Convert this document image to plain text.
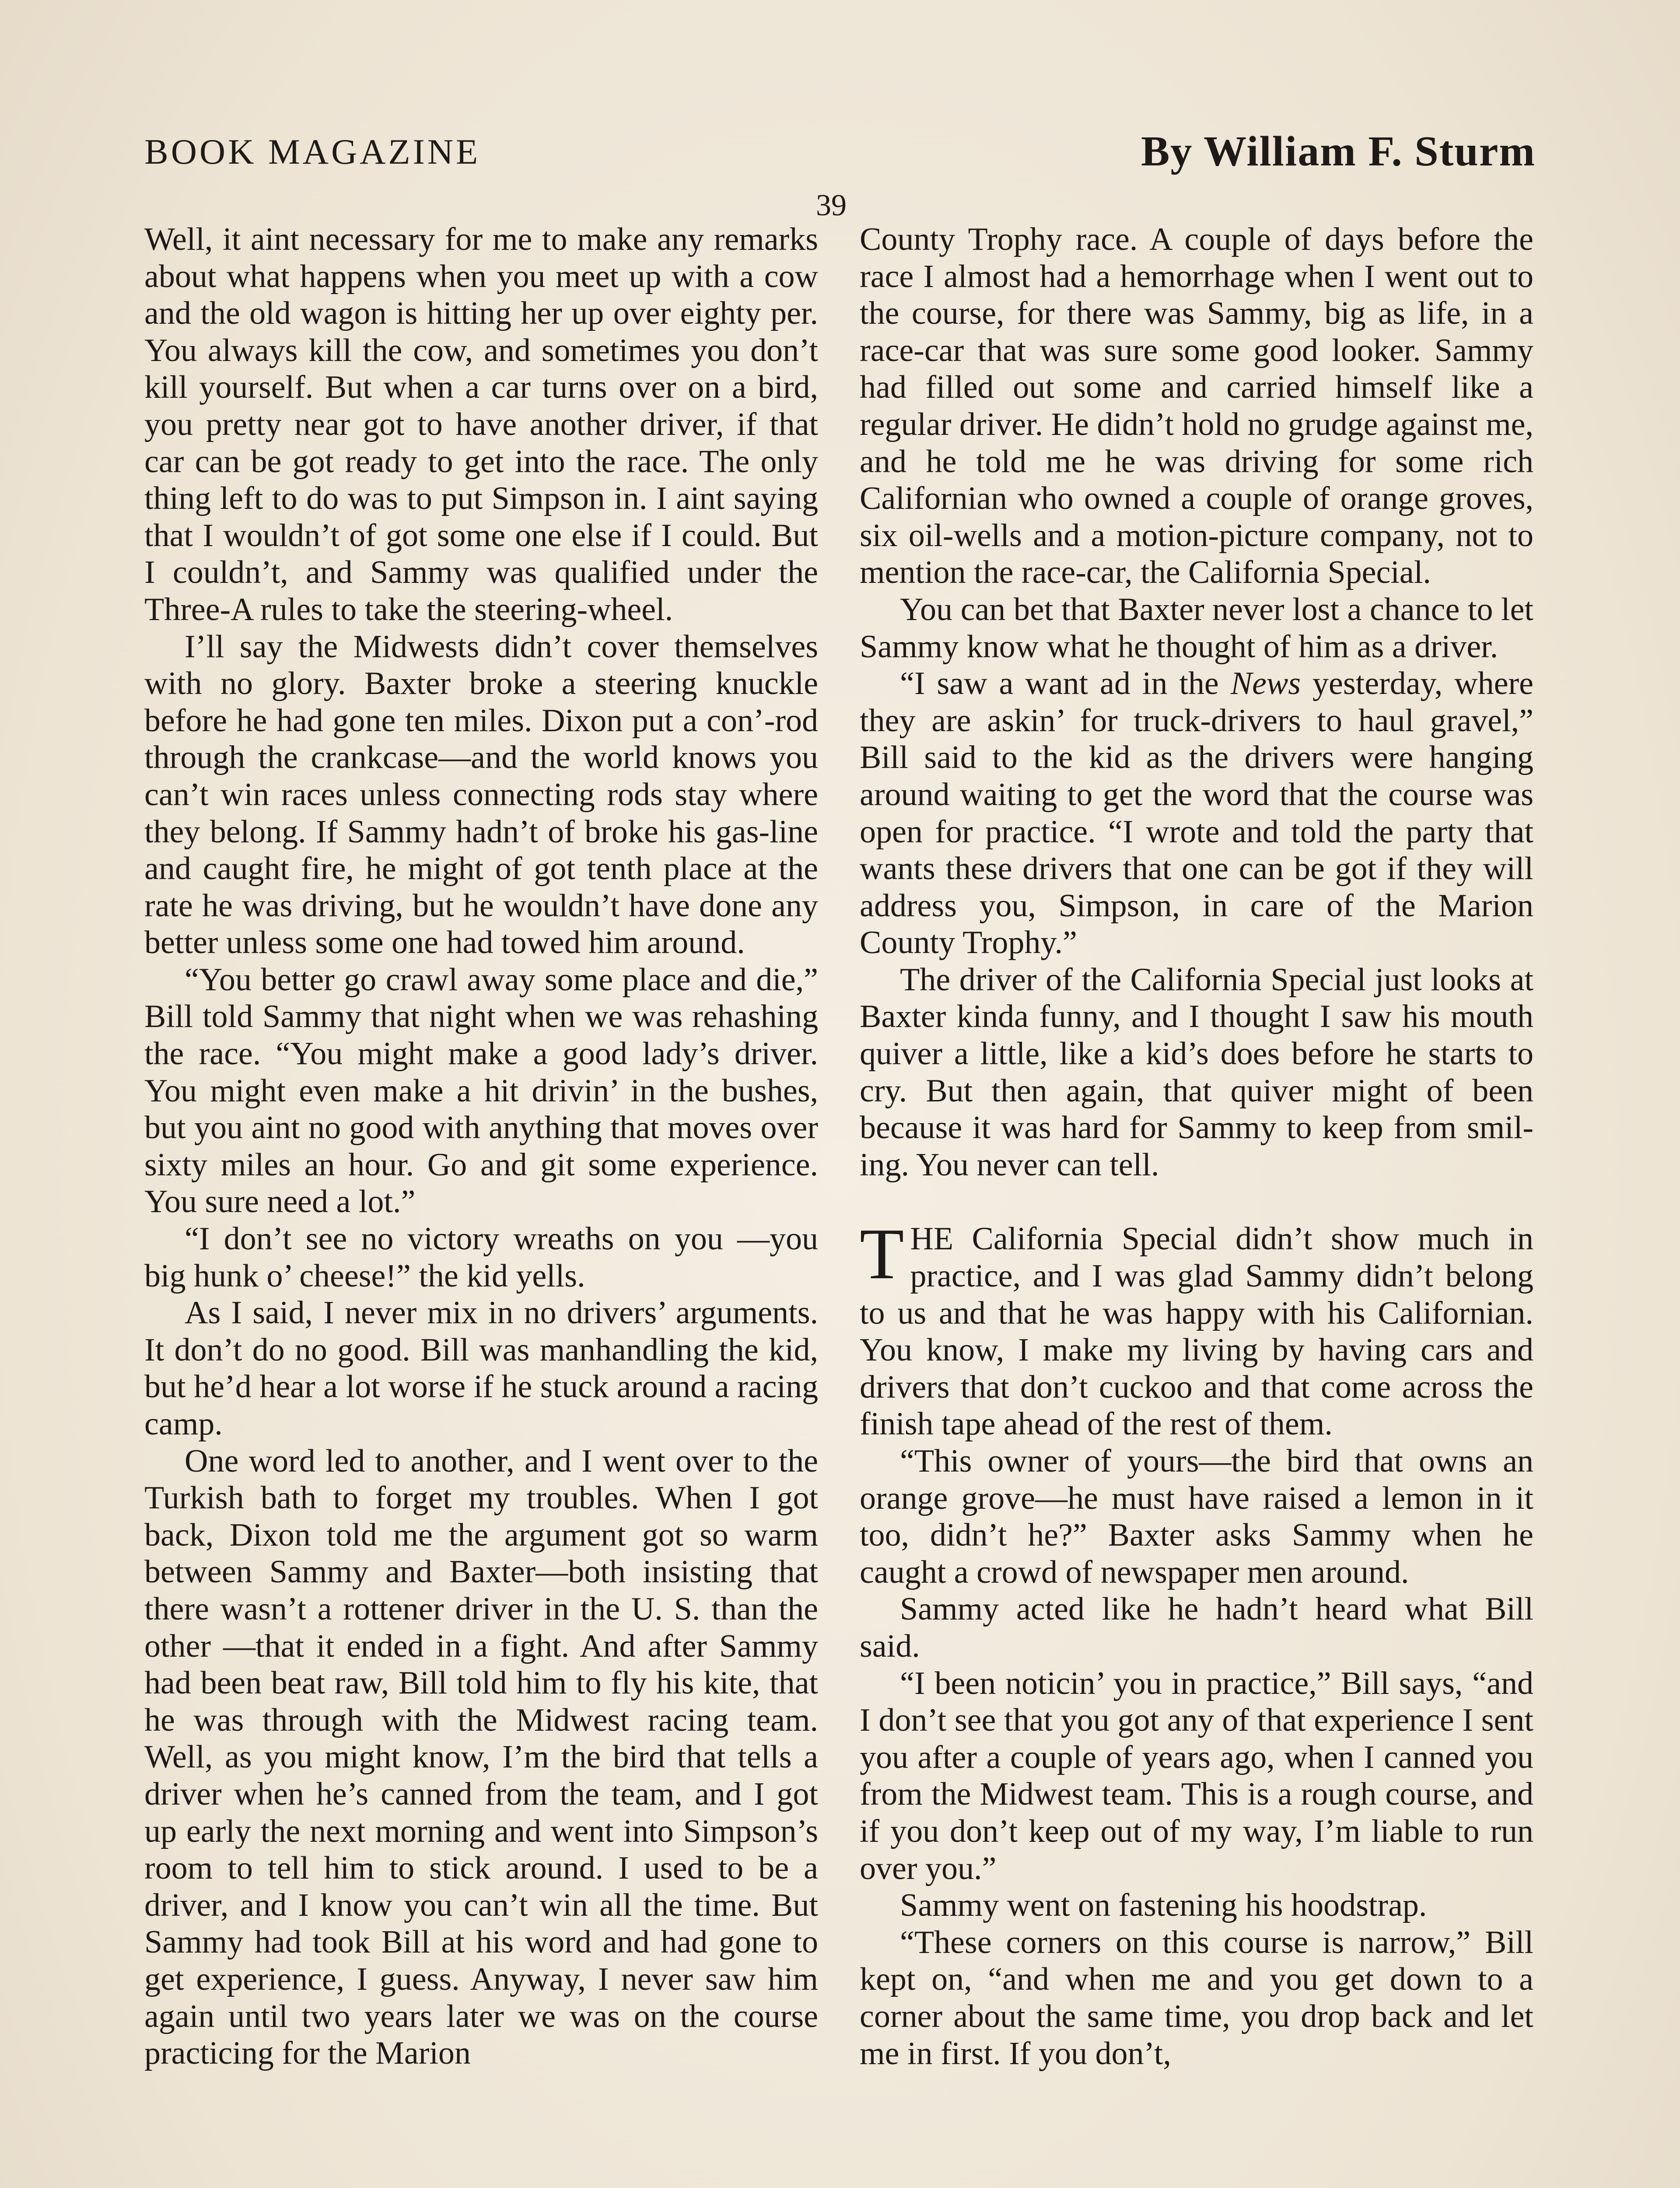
BOOK MAGAZINE	By William F. Sturm
39

Well, it aint necessary for me to make any remarks about what happens when you meet up with a cow and the old wagon is hitting her up over eighty per. You always kill the cow, and sometimes you don’t kill yourself. But when a car turns over on a bird, you pretty near got to have another driver, if that car can be got ready to get into the race. The only thing left to do was to put Simpson in. I aint saying that I wouldn’t of got some one else if I could. But I couldn’t, and Sammy was qualified under the Three-A rules to take the steering-wheel.

I’ll say the Midwests didn’t cover themselves with no glory. Baxter broke a steering knuckle before he had gone ten miles. Dixon put a con’-rod through the crankcase—and the world knows you can’t win races unless connecting rods stay where they belong. If Sammy hadn’t of broke his gas-line and caught fire, he might of got tenth place at the rate he was driving, but he wouldn’t have done any better unless some one had towed him around.

“You better go crawl away some place and die,” Bill told Sammy that night when we was rehashing the race. “You might make a good lady’s driver. You might even make a hit drivin’ in the bushes, but you aint no good with anything that moves over sixty miles an hour. Go and git some experience. You sure need a lot.”

“I don’t see no victory wreaths on you —you big hunk o’ cheese!” the kid yells.

As I said, I never mix in no drivers’ arguments. It don’t do no good. Bill was manhandling the kid, but he’d hear a lot worse if he stuck around a racing camp.

One word led to another, and I went over to the Turkish bath to forget my troubles. When I got back, Dixon told me the argument got so warm between Sammy and Baxter—both insisting that there wasn’t a rottener driver in the U. S. than the other —that it ended in a fight. And after Sammy had been beat raw, Bill told him to fly his kite, that he was through with the Midwest racing team. Well, as you might know, I’m the bird that tells a driver when he’s canned from the team, and I got up early the next morning and went into Simpson’s room to tell him to stick around. I used to be a driver, and I know you can’t win all the time. But Sammy had took Bill at his word and had gone to get experience, I guess. Anyway, I never saw him again until two years later we was on the course practicing for the Marion

County Trophy race. A couple of days before the race I almost had a hemorrhage when I went out to the course, for there was Sammy, big as life, in a race-car that was sure some good looker. Sammy had filled out some and carried himself like a regular driver. He didn’t hold no grudge against me, and he told me he was driving for some rich Californian who owned a couple of orange groves, six oil-wells and a motion-picture company, not to mention the race-car, the California Special.

You can bet that Baxter never lost a chance to let Sammy know what he thought of him as a driver.

“I saw a want ad in the News yesterday, where they are askin’ for truck-drivers to haul gravel,” Bill said to the kid as the drivers were hanging around waiting to get the word that the course was open for practice. “I wrote and told the party that wants these drivers that one can be got if they will address you, Simpson, in care of the Marion County Trophy.”

The driver of the California Special just looks at Baxter kinda funny, and I thought I saw his mouth quiver a little, like a kid’s does before he starts to cry. But then again, that quiver might of been because it was hard for Sammy to keep from smiling. You never can tell.

THE California Special didn’t show much in practice, and I was glad Sammy didn’t belong to us and that he was happy with his Californian. You know, I make my living by having cars and drivers that don’t cuckoo and that come across the finish tape ahead of the rest of them.

“This owner of yours—the bird that owns an orange grove—he must have raised a lemon in it too, didn’t he?” Baxter asks Sammy when he caught a crowd of newspaper men around.

Sammy acted like he hadn’t heard what Bill said.

“I been noticin’ you in practice,” Bill says, “and I don’t see that you got any of that experience I sent you after a couple of years ago, when I canned you from the Midwest team. This is a rough course, and if you don’t keep out of my way, I’m liable to run over you.”

Sammy went on fastening his hoodstrap.

“These corners on this course is narrow,” Bill kept on, “and when me and you get down to a corner about the same time, you drop back and let me in first. If you don’t,
